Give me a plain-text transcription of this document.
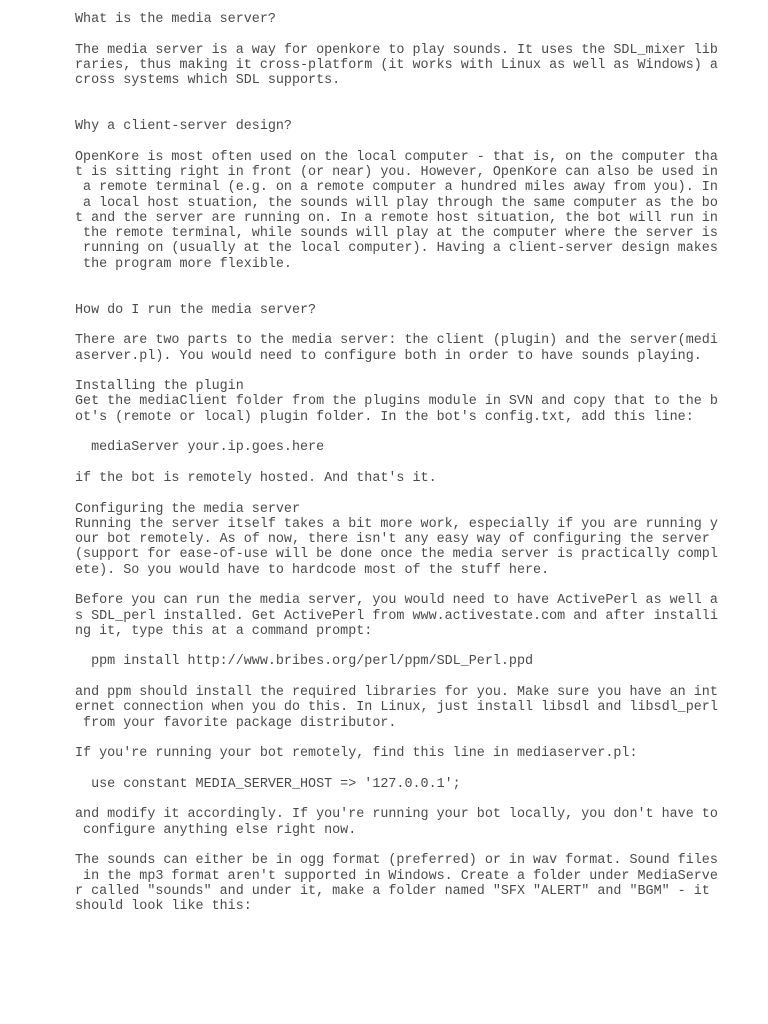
What is the media server?
The media server is a way for openkore to play sounds. It uses the SDL_mixer lib
raries, thus making it cross-platform (it works with Linux as well as Windows) a
cross systems which SDL supports.
Why a client-server design?
OpenKore is most often used on the local computer - that is, on the computer tha
t is sitting right in front (or near) you. However, OpenKore can also be used in
a remote terminal (e.g. on a remote computer a hundred miles away from you). In
a local host stuation, the sounds will play through the same computer as the bo
t and the server are running on. In a remote host situation, the bot will run in
the remote terminal, while sounds will play at the computer where the server is
running on (usually at the local computer). Having a client-server design makes
the program more flexible.
How do I run the media server?
There are two parts to the media server: the client (plugin) and the server(medi
aserver.pl). You would need to configure both in order to have sounds playing.
Installing the plugin
Get the mediaClient folder from the plugins module in SVN and copy that to the b
ot's (remote or local) plugin folder. In the bot's config.txt, add this line:
mediaServer your.ip.goes.here
if the bot is remotely hosted. And that's it.
Configuring the media server
Running the server itself takes a bit more work, especially if you are running y
our bot remotely. As of now, there isn't any easy way of configuring the server
(support for ease-of-use will be done once the media server is practically compl
ete). So you would have to hardcode most of the stuff here.
Before you can run the media server, you would need to have ActivePerl as well a
s SDL_perl installed. Get ActivePerl from www.activestate.com and after installi
ng it, type this at a command prompt:
ppm install http://www.bribes.org/perl/ppm/SDL_Perl.ppd
and ppm should install the required libraries for you. Make sure you have an int
ernet connection when you do this. In Linux, just install libsdl and libsdl_perl
from your favorite package distributor.
If you're running your bot remotely, find this line in mediaserver.pl:
use constant MEDIA_SERVER_HOST => '127.0.0.1';
and modify it accordingly. If you're running your bot locally, you don't have to
configure anything else right now.
The sounds can either be in ogg format (preferred) or in wav format. Sound files
in the mp3 format aren't supported in Windows. Create a folder under MediaServe
r called "sounds" and under it, make a folder named "SFX "ALERT" and "BGM" - it
should look like this:
